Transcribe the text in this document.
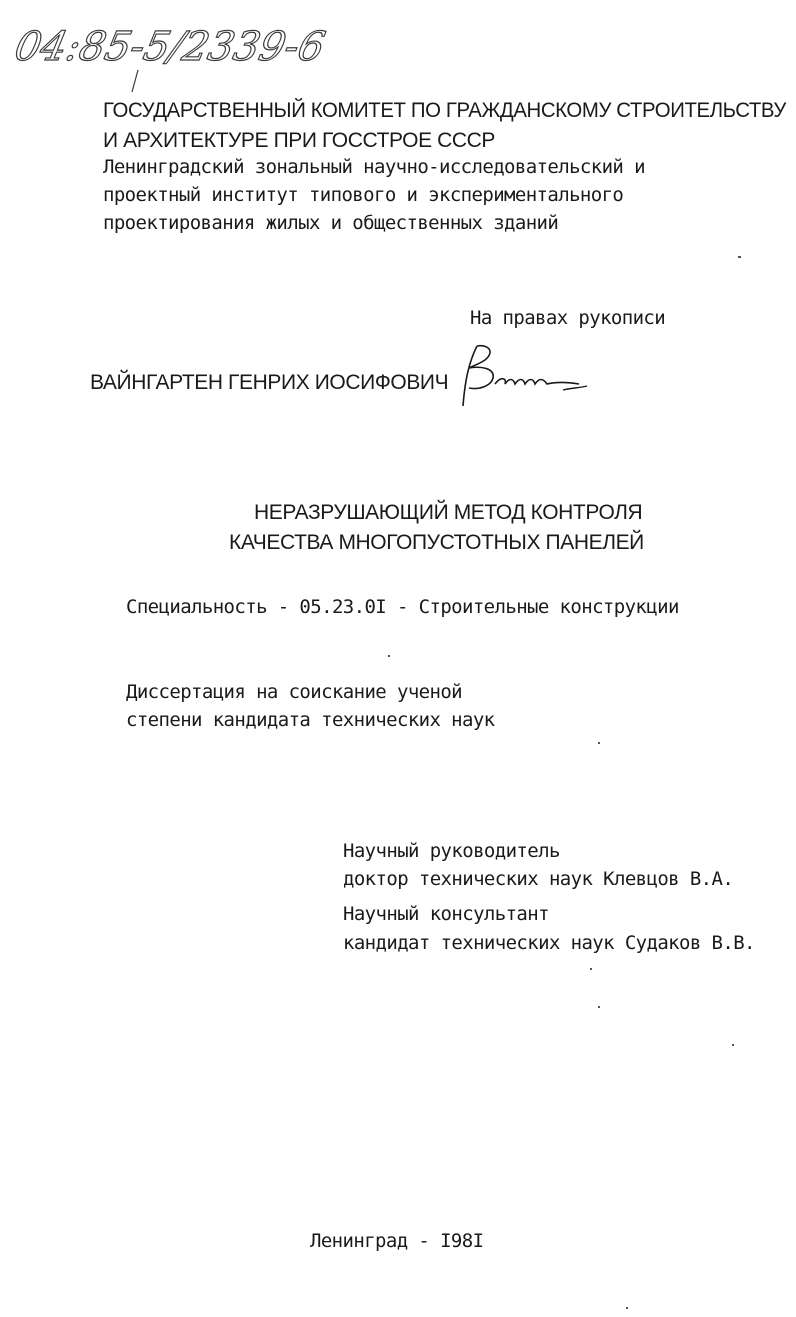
04:85-5/2339-6
ГОСУДАРСТВЕННЫЙ КОМИТЕТ ПО ГРАЖДАНСКОМУ СТРОИТЕЛЬСТВУ
И АРХИТЕКТУРЕ ПРИ ГОССТРОЕ СССР
Ленинградский зональный научно-исследовательский и
проектный институт типового и экспериментального
проектирования жилых и общественных зданий
На правах рукописи
ВАЙНГАРТЕН ГЕНРИХ ИОСИФОВИЧ
НЕРАЗРУШАЮЩИЙ МЕТОД КОНТРОЛЯ
КАЧЕСТВА МНОГОПУСТОТНЫХ ПАНЕЛЕЙ
Специальность - 05.23.0I - Строительные конструкции
Диссертация на соискание ученой
степени кандидата технических наук
Научный руководитель
доктор технических наук Клевцов В.А.
Научный консультант
кандидат технических наук Судаков В.В.
Ленинград - I98I
